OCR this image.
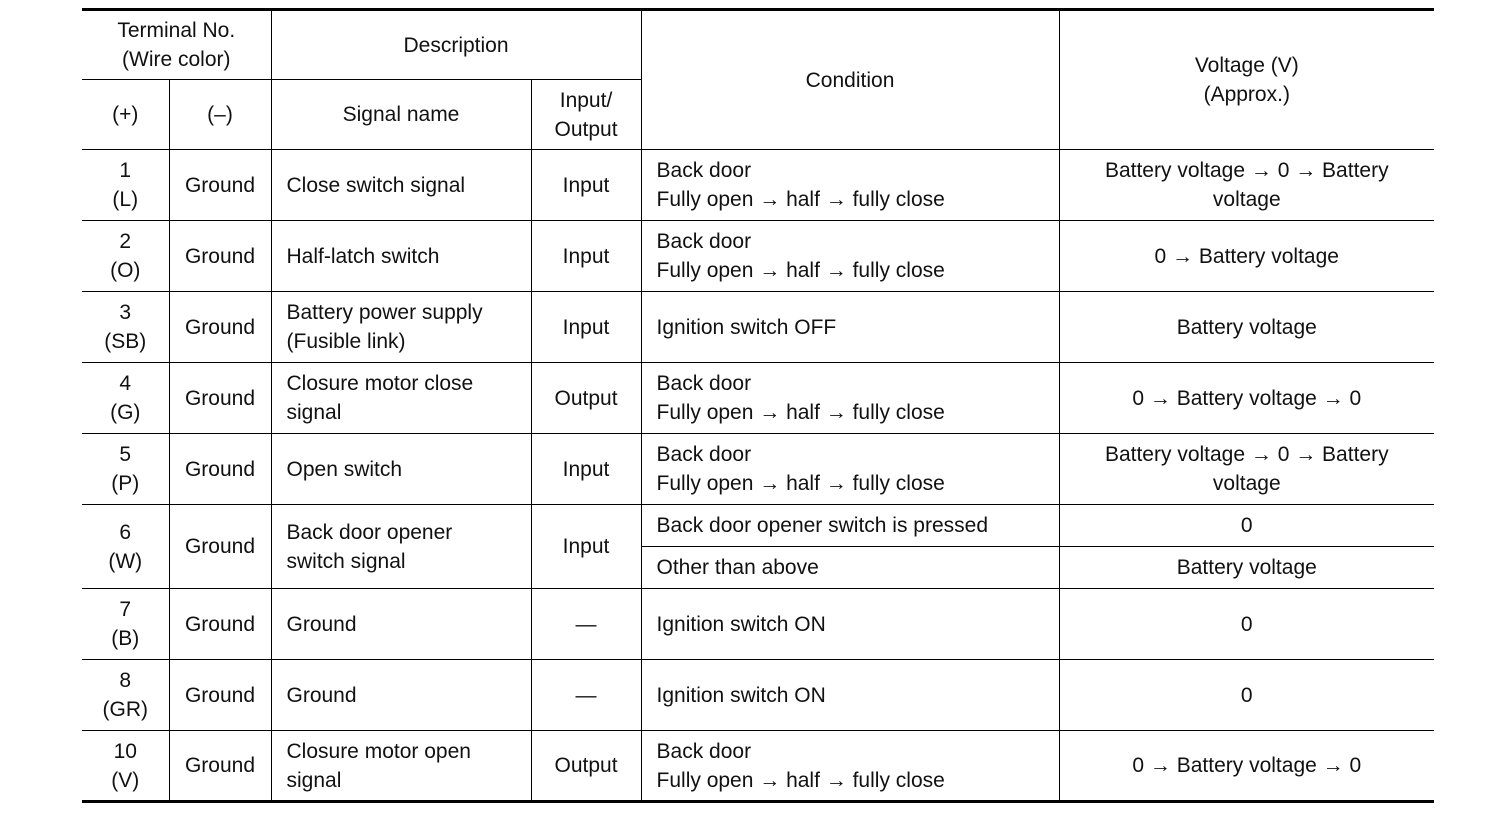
Terminal No.
(Wire color)		Description		Condition	Voltage (V)
(Approx.)

(+)	(–)	Signal name	Input/
Output		

1
(L)	Ground	Close switch signal	Input	Back door
Fully open → half → fully close	Battery voltage → 0 → Battery
voltage

2
(O)	Ground	Half-latch switch	Input	Back door
Fully open → half → fully close	0 → Battery voltage

3
(SB)	Ground	Battery power supply
(Fusible link)	Input	Ignition switch OFF	Battery voltage

4
(G)	Ground	Closure motor close
signal	Output	Back door
Fully open → half → fully close	0 → Battery voltage → 0

5
(P)	Ground	Open switch	Input	Back door
Fully open → half → fully close	Battery voltage → 0 → Battery
voltage

6
(W)	Ground	Back door opener
switch signal	Input	Back door opener switch is pressed	0
				Other than above	Battery voltage

7
(B)	Ground	Ground	—	Ignition switch ON	0

8
(GR)	Ground	Ground	—	Ignition switch ON	0

10
(V)	Ground	Closure motor open
signal	Output	Back door
Fully open → half → fully close	0 → Battery voltage → 0
